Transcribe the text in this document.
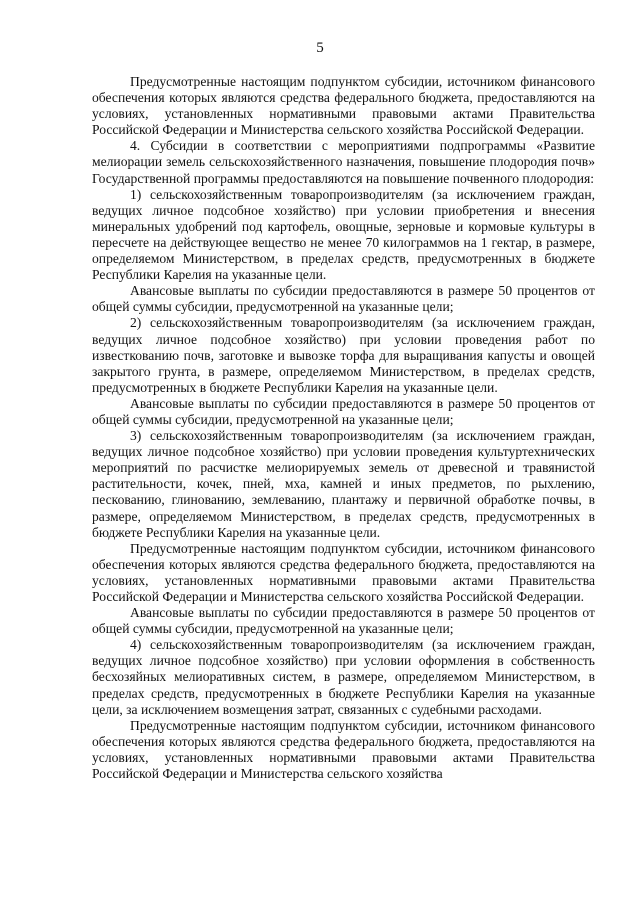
5

Предусмотренные настоящим подпунктом субсидии, источником финансового обеспечения которых являются средства федерального бюджета, предоставляются на условиях, установленных нормативными правовыми актами Правительства Российской Федерации и Министерства сельского хозяйства Российской Федерации.

4. Субсидии в соответствии с мероприятиями подпрограммы «Развитие мелиорации земель сельскохозяйственного назначения, повышение плодородия почв» Государственной программы предоставляются на повышение почвенного плодородия:

1) сельскохозяйственным товаропроизводителям (за исключением граждан, ведущих личное подсобное хозяйство) при условии приобретения и внесения минеральных удобрений под картофель, овощные, зерновые и кормовые культуры в пересчете на действующее вещество не менее 70 килограммов на 1 гектар, в размере, определяемом Министерством, в пределах средств, предусмотренных в бюджете Республики Карелия на указанные цели.

Авансовые выплаты по субсидии предоставляются в размере 50 процентов от общей суммы субсидии, предусмотренной на указанные цели;

2) сельскохозяйственным товаропроизводителям (за исключением граждан, ведущих личное подсобное хозяйство) при условии проведения работ по известкованию почв, заготовке и вывозке торфа для выращивания капусты и овощей закрытого грунта, в размере, определяемом Министерством, в пределах средств, предусмотренных в бюджете Республики Карелия на указанные цели.

Авансовые выплаты по субсидии предоставляются в размере 50 процентов от общей суммы субсидии, предусмотренной на указанные цели;

3) сельскохозяйственным товаропроизводителям (за исключением граждан, ведущих личное подсобное хозяйство) при условии проведения культуртехнических мероприятий по расчистке мелиорируемых земель от древесной и травянистой растительности, кочек, пней, мха, камней и иных предметов, по рыхлению, пескованию, глинованию, землеванию, плантажу и первичной обработке почвы, в размере, определяемом Министерством, в пределах средств, предусмотренных в бюджете Республики Карелия на указанные цели.

Предусмотренные настоящим подпунктом субсидии, источником финансового обеспечения которых являются средства федерального бюджета, предоставляются на условиях, установленных нормативными правовыми актами Правительства Российской Федерации и Министерства сельского хозяйства Российской Федерации.

Авансовые выплаты по субсидии предоставляются в размере 50 процентов от общей суммы субсидии, предусмотренной на указанные цели;

4) сельскохозяйственным товаропроизводителям (за исключением граждан, ведущих личное подсобное хозяйство) при условии оформления в собственность бесхозяйных мелиоративных систем, в размере, определяемом Министерством, в пределах средств, предусмотренных в бюджете Республики Карелия на указанные цели, за исключением возмещения затрат, связанных с судебными расходами.

Предусмотренные настоящим подпунктом субсидии, источником финансового обеспечения которых являются средства федерального бюджета, предоставляются на условиях, установленных нормативными правовыми актами Правительства Российской Федерации и Министерства сельского хозяйства
